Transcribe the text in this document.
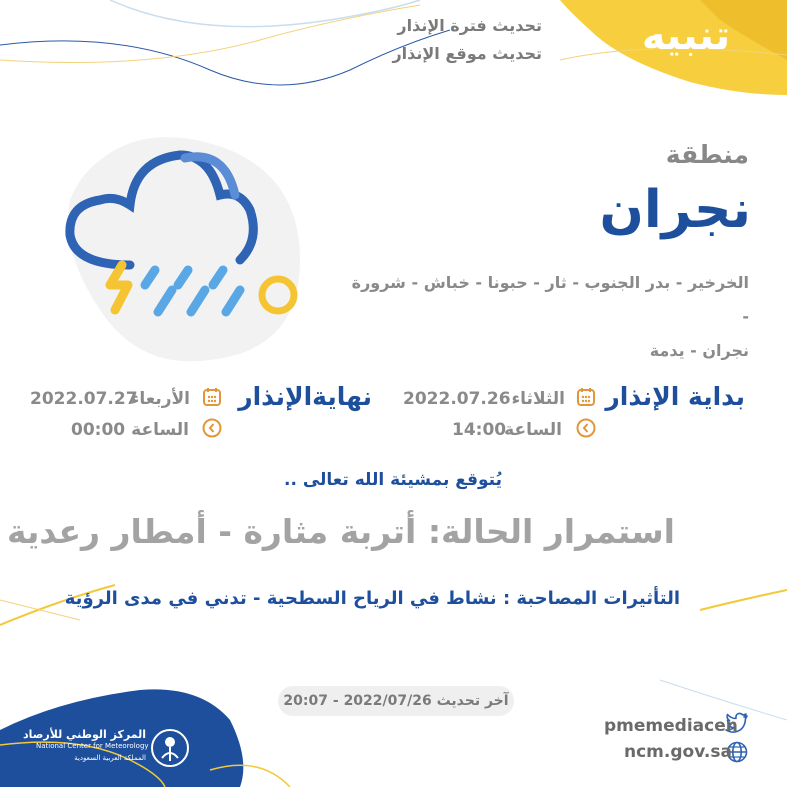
تنبيه
تحديث فترة الإنذار
تحديث موقع الإنذار
منطقة
نجران
الخرخير - بدر الجنوب - ثار - حبونا - خباش - شرورة -
نجران - يدمة
بداية الإنذار
الثلاثاء
2022.07.26
الساعة
14:00
نهايةالإنذار
الأربعاء
2022.07.27
الساعة
00:00
يُتوقع بمشيئة الله تعالى ..
استمرار الحالة: أتربة مثارة - أمطار رعدية
التأثيرات المصاحبة : نشاط في الرياح السطحية - تدني في مدى الرؤية
آخر تحديث 2022/07/26 - 20:07
pmemediacen
ncm.gov.sa
المركز الوطني للأرصاد
National Center for Meteorology
المملكة العربية السعودية
